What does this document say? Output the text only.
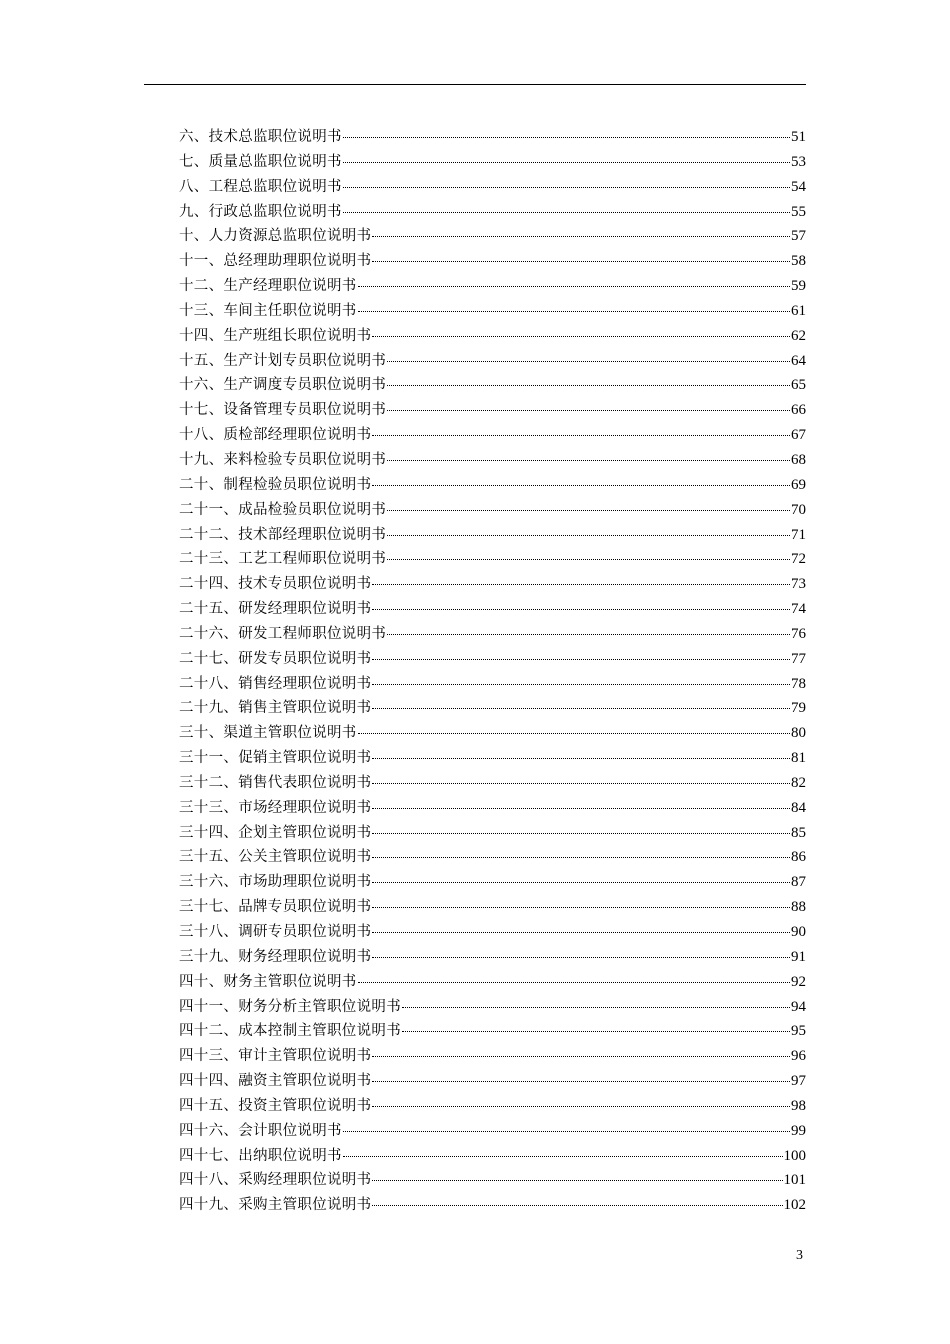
六、技术总监职位说明书	51
七、质量总监职位说明书	53
八、工程总监职位说明书	54
九、行政总监职位说明书	55
十、人力资源总监职位说明书	57
十一、总经理助理职位说明书	58
十二、生产经理职位说明书	59
十三、车间主任职位说明书	61
十四、生产班组长职位说明书	62
十五、生产计划专员职位说明书	64
十六、生产调度专员职位说明书	65
十七、设备管理专员职位说明书	66
十八、质检部经理职位说明书	67
十九、来料检验专员职位说明书	68
二十、制程检验员职位说明书	69
二十一、成品检验员职位说明书	70
二十二、技术部经理职位说明书	71
二十三、工艺工程师职位说明书	72
二十四、技术专员职位说明书	73
二十五、研发经理职位说明书	74
二十六、研发工程师职位说明书	76
二十七、研发专员职位说明书	77
二十八、销售经理职位说明书	78
二十九、销售主管职位说明书	79
三十、渠道主管职位说明书	80
三十一、促销主管职位说明书	81
三十二、销售代表职位说明书	82
三十三、市场经理职位说明书	84
三十四、企划主管职位说明书	85
三十五、公关主管职位说明书	86
三十六、市场助理职位说明书	87
三十七、品牌专员职位说明书	88
三十八、调研专员职位说明书	90
三十九、财务经理职位说明书	91
四十、财务主管职位说明书	92
四十一、财务分析主管职位说明书	94
四十二、成本控制主管职位说明书	95
四十三、审计主管职位说明书	96
四十四、融资主管职位说明书	97
四十五、投资主管职位说明书	98
四十六、会计职位说明书	99
四十七、出纳职位说明书	100
四十八、采购经理职位说明书	101
四十九、采购主管职位说明书	102
3
